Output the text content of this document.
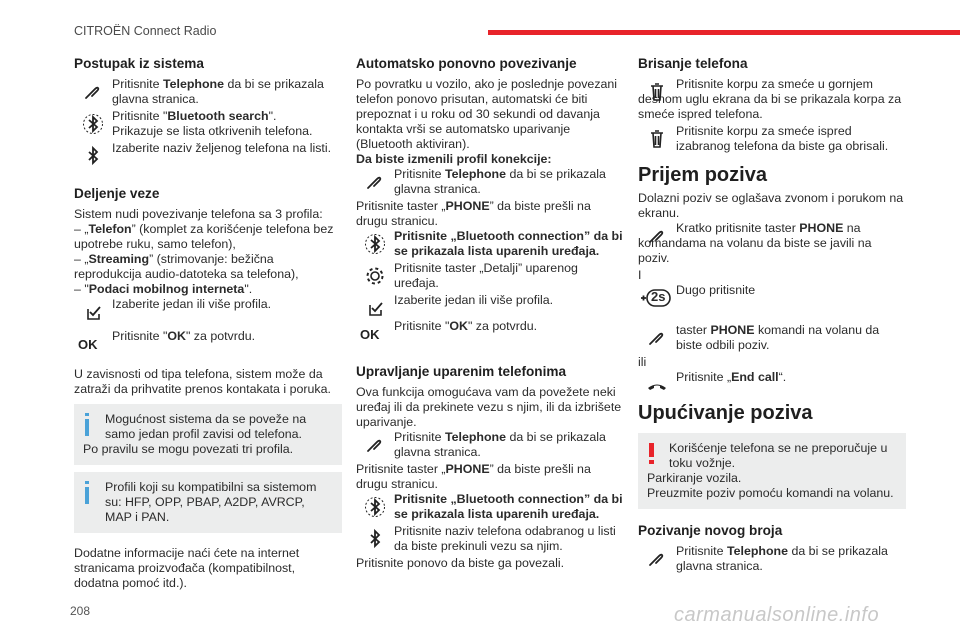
CITROËN Connect Radio
Postupak iz sistema

Pritisnite Telephone da bi se prikazala glavna stranica.

Pritisnite "Bluetooth search".

Prikazuje se lista otkrivenih telefona.

Izaberite naziv željenog telefona na listi.

Deljenje veze

Sistem nudi povezivanje telefona sa 3 profila:

– „Telefon” (komplet za korišćenje telefona bez upotrebe ruku, samo telefon),

– „Streaming” (strimovanje: bežična reprodukcija audio-datoteka sa telefona),

– "Podaci mobilnog interneta".

Izaberite jedan ili više profila.

OK

Pritisnite "OK" za potvrdu.

U zavisnosti od tipa telefona, sistem može da zatraži da prihvatite prenos kontakata i poruka.

Mogućnost sistema da se poveže na samo jedan profil zavisi od telefona.

Po pravilu se mogu povezati tri profila.

Profili koji su kompatibilni sa sistemom su: HFP, OPP, PBAP, A2DP, AVRCP, MAP i PAN.

Dodatne informacije naći ćete na internet stranicama proizvođača (kompatibilnost, dodatna pomoć itd.).

Automatsko ponovno povezivanje

Po povratku u vozilo, ako je poslednje povezani telefon ponovo prisutan, automatski će biti prepoznat i u roku od 30 sekundi od davanja kontakta vrši se automatsko uparivanje (Bluetooth aktiviran).

Da biste izmenili profil konekcije:

Pritisnite Telephone da bi se prikazala glavna stranica.

Pritisnite taster „PHONE” da biste prešli na drugu stranicu.

Pritisnite „Bluetooth connection” da bi se prikazala lista uparenih uređaja.

Pritisnite taster „Detalji” uparenog uređaja.

Izaberite jedan ili više profila.

OK

Pritisnite "OK" za potvrdu.

Upravljanje uparenim telefonima

Ova funkcija omogućava vam da povežete neki uređaj ili da prekinete vezu s njim, ili da izbrišete uparivanje.

Pritisnite Telephone da bi se prikazala glavna stranica.

Pritisnite taster „PHONE” da biste prešli na drugu stranicu.

Pritisnite „Bluetooth connection” da bi se prikazala lista uparenih uređaja.

Pritisnite naziv telefona odabranog u listi da biste prekinuli vezu sa njim.

Pritisnite ponovo da biste ga povezali.

Brisanje telefona

Pritisnite korpu za smeće u gornjem desnom uglu ekrana da bi se prikazala korpa za smeće ispred telefona.

Pritisnite korpu za smeće ispred izabranog telefona da biste ga obrisali.

Prijem poziva

Dolazni poziv se oglašava zvonom i porukom na ekranu.

Kratko pritisnite taster PHONE na komandama na volanu da biste se javili na poziv.

I

2s Dugo pritisnite

taster PHONE komandi na volanu da biste odbili poziv.

ili

Pritisnite „End call“.

Upućivanje poziva

Korišćenje telefona se ne preporučuje u toku vožnje.

Parkiranje vozila.

Preuzmite poziv pomoću komandi na volanu.

Pozivanje novog broja

Pritisnite Telephone da bi se prikazala glavna stranica.

208	carmanualsonline.info
